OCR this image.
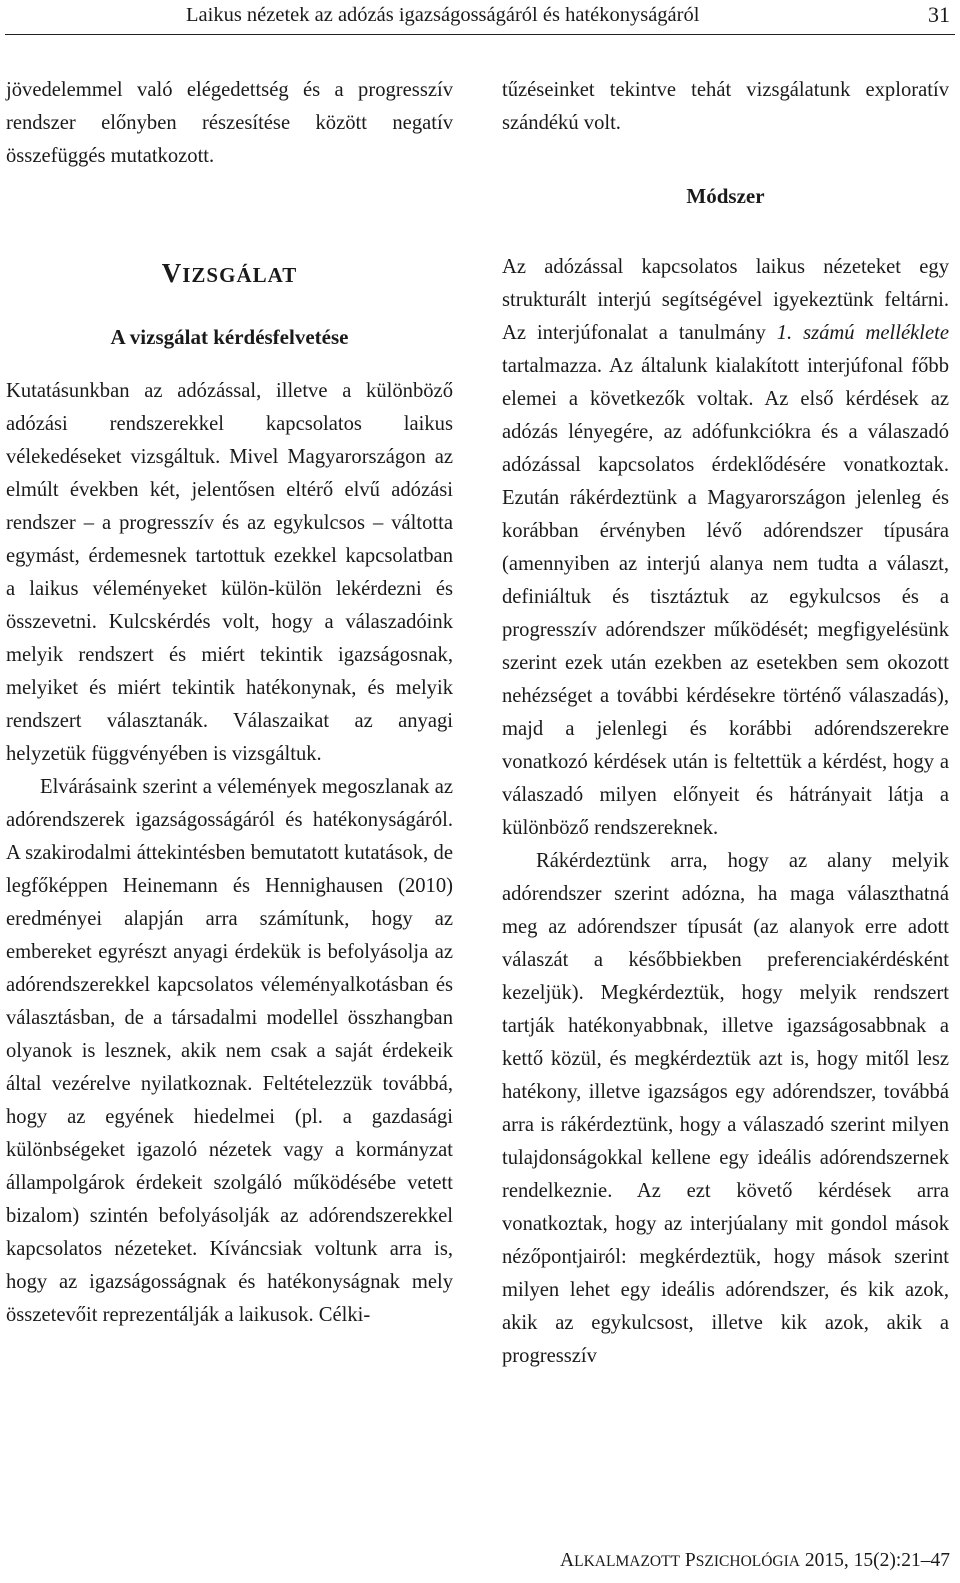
Laikus nézetek az adózás igazságosságáról és hatékonyságáról	31

jövedelemmel való elégedettség és a progresszív rendszer előnyben részesítése között negatív összefüggés mutatkozott.

VIZSGÁLAT
A vizsgálat kérdésfelvetése

Kutatásunkban az adózással, illetve a különböző adózási rendszerekkel kapcsolatos laikus vélekedéseket vizsgáltuk. Mivel Magyarországon az elmúlt években két, jelentősen eltérő elvű adózási rendszer – a progresszív és az egykulcsos – váltotta egymást, érdemesnek tartottuk ezekkel kapcsolatban a laikus véleményeket külön-külön lekérdezni és összevetni. Kulcskérdés volt, hogy a válaszadóink melyik rendszert és miért tekintik igazságosnak, melyiket és miért tekintik hatékonynak, és melyik rendszert választanák. Válaszaikat az anyagi helyzetük függvényében is vizsgáltuk.

Elvárásaink szerint a vélemények megoszlanak az adórendszerek igazságosságáról és hatékonyságáról. A szakirodalmi áttekintésben bemutatott kutatások, de legfőképpen Heinemann és Hennighausen (2010) eredményei alapján arra számítunk, hogy az embereket egyrészt anyagi érdekük is befolyásolja az adórendszerekkel kapcsolatos véleményalkotásban és választásban, de a társadalmi modellel összhangban olyanok is lesznek, akik nem csak a saját érdekeik által vezérelve nyilatkoznak. Feltételezzük továbbá, hogy az egyének hiedelmei (pl. a gazdasági különbségeket igazoló nézetek vagy a kormányzat állampolgárok érdekeit szolgáló működésébe vetett bizalom) szintén befolyásolják az adórendszerekkel kapcsolatos nézeteket. Kíváncsiak voltunk arra is, hogy az igazságosságnak és hatékonyságnak mely összetevőit reprezentálják a laikusok. Célki-

tűzéseinket tekintve tehát vizsgálatunk exploratív szándékú volt.

Módszer

Az adózással kapcsolatos laikus nézeteket egy strukturált interjú segítségével igyekeztünk feltárni. Az interjúfonalat a tanulmány 1. számú melléklete tartalmazza. Az általunk kialakított interjúfonal főbb elemei a következők voltak. Az első kérdések az adózás lényegére, az adófunkciókra és a válaszadó adózással kapcsolatos érdeklődésére vonatkoztak. Ezután rákérdeztünk a Magyarországon jelenleg és korábban érvényben lévő adórendszer típusára (amennyiben az interjú alanya nem tudta a választ, definiáltuk és tisztáztuk az egykulcsos és a progresszív adórendszer működését; megfigyelésünk szerint ezek után ezekben az esetekben sem okozott nehézséget a további kérdésekre történő válaszadás), majd a jelenlegi és korábbi adórendszerekre vonatkozó kérdések után is feltettük a kérdést, hogy a válaszadó milyen előnyeit és hátrányait látja a különböző rendszereknek.

Rákérdeztünk arra, hogy az alany melyik adórendszer szerint adózna, ha maga választhatná meg az adórendszer típusát (az alanyok erre adott válaszát a későbbiekben preferenciakérdésként kezeljük). Megkérdeztük, hogy melyik rendszert tartják hatékonyabbnak, illetve igazságosabbnak a kettő közül, és megkérdeztük azt is, hogy mitől lesz hatékony, illetve igazságos egy adórendszer, továbbá arra is rákérdeztünk, hogy a válaszadó szerint milyen tulajdonságokkal kellene egy ideális adórendszernek rendelkeznie. Az ezt követő kérdések arra vonatkoztak, hogy az interjúalany mit gondol mások nézőpontjairól: megkérdeztük, hogy mások szerint milyen lehet egy ideális adórendszer, és kik azok, akik az egykulcsost, illetve kik azok, akik a progresszív

ALKALMAZOTT PSZICHOLÓGIA 2015, 15(2):21–47
